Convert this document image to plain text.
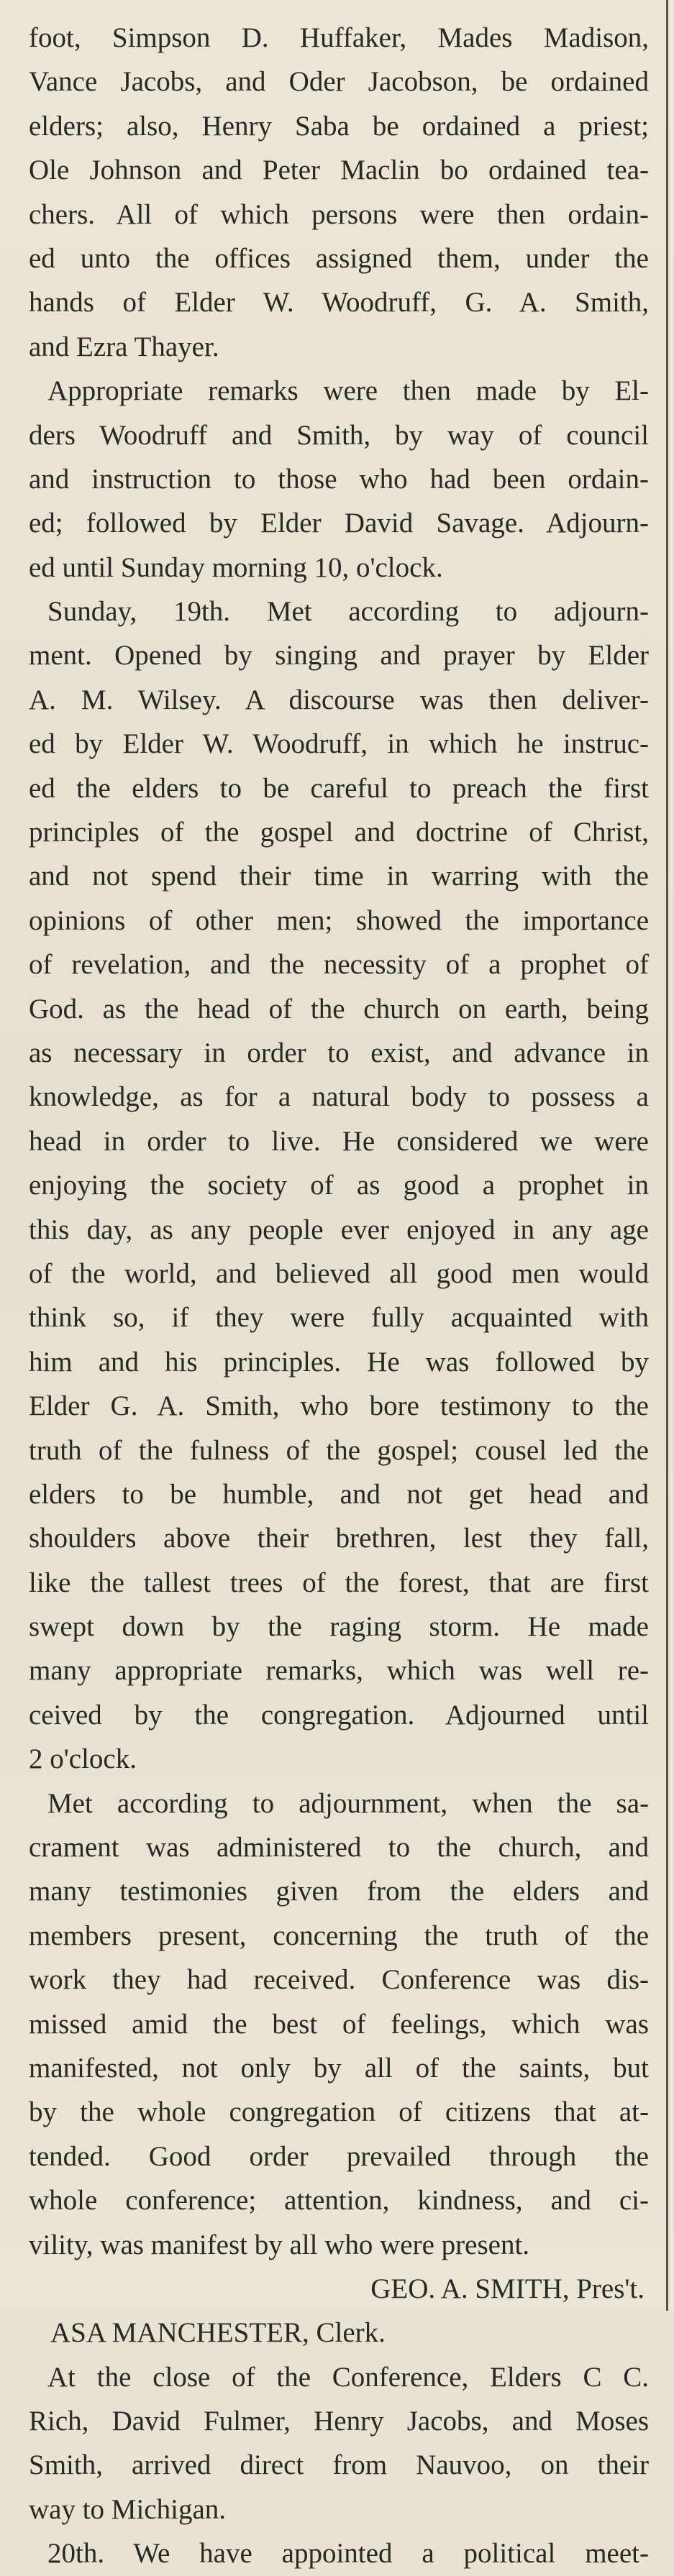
foot, Simpson D. Huffaker, Mades Madison,
Vance Jacobs, and Oder Jacobson, be ordained
elders; also, Henry Saba be ordained a priest;
Ole Johnson and Peter Maclin bo ordained tea-
chers. All of which persons were then ordain-
ed unto the offices assigned them, under the
hands of Elder W. Woodruff, G. A. Smith,
and Ezra Thayer.
Appropriate remarks were then made by El-
ders Woodruff and Smith, by way of council
and instruction to those who had been ordain-
ed; followed by Elder David Savage. Adjourn-
ed until Sunday morning 10, o'clock.
Sunday, 19th. Met according to adjourn-
ment. Opened by singing and prayer by Elder
A. M. Wilsey. A discourse was then deliver-
ed by Elder W. Woodruff, in which he instruc-
ed the elders to be careful to preach the first
principles of the gospel and doctrine of Christ,
and not spend their time in warring with the
opinions of other men; showed the importance
of revelation, and the necessity of a prophet of
God. as the head of the church on earth, being
as necessary in order to exist, and advance in
knowledge, as for a natural body to possess a
head in order to live. He considered we were
enjoying the society of as good a prophet in
this day, as any people ever enjoyed in any age
of the world, and believed all good men would
think so, if they were fully acquainted with
him and his principles. He was followed by
Elder G. A. Smith, who bore testimony to the
truth of the fulness of the gospel; cousel led the
elders to be humble, and not get head and
shoulders above their brethren, lest they fall,
like the tallest trees of the forest, that are first
swept down by the raging storm. He made
many appropriate remarks, which was well re-
ceived by the congregation. Adjourned until
2 o'clock.
Met according to adjournment, when the sa-
crament was administered to the church, and
many testimonies given from the elders and
members present, concerning the truth of the
work they had received. Conference was dis-
missed amid the best of feelings, which was
manifested, not only by all of the saints, but
by the whole congregation of citizens that at-
tended. Good order prevailed through the
whole conference; attention, kindness, and ci-
vility, was manifest by all who were present.
GEO. A. SMITH, Pres't.
ASA MANCHESTER, Clerk.
At the close of the Conference, Elders C C.
Rich, David Fulmer, Henry Jacobs, and Moses
Smith, arrived direct from Nauvoo, on their
way to Michigan.
20th. We have appointed a political meet-
